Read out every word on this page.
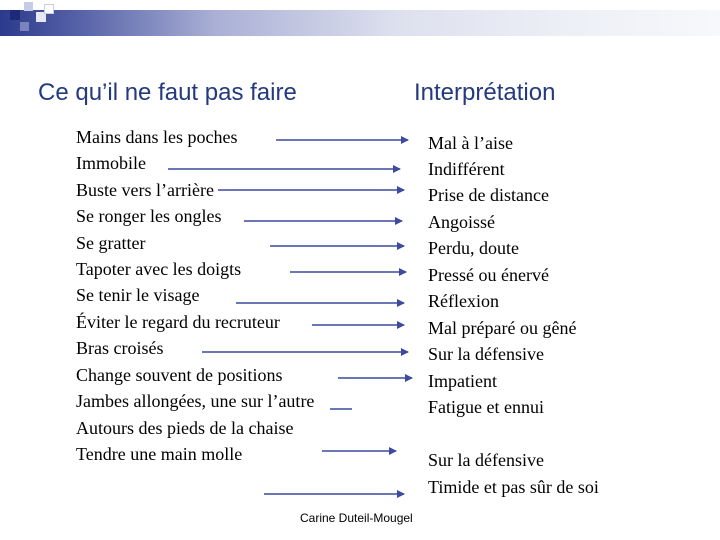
Ce qu’il ne faut pas faire	Interprétation

Mains dans les poches

Immobile

Buste vers l’arrière

Se ronger les ongles

Se gratter

Tapoter avec les doigts

Se tenir le visage

Éviter le regard du recruteur

Bras croisés

Change souvent de positions

Jambes allongées, une sur l’autre

Autours des pieds de la chaise

Tendre une main molle

Mal à l’aise

Indifférent

Prise de distance

Angoissé

Perdu, doute

Pressé ou énervé

Réflexion

Mal préparé ou gêné

Sur la défensive

Impatient

Fatigue et ennui

Sur la défensive

Timide et pas sûr de soi

Carine Duteil-Mougel
